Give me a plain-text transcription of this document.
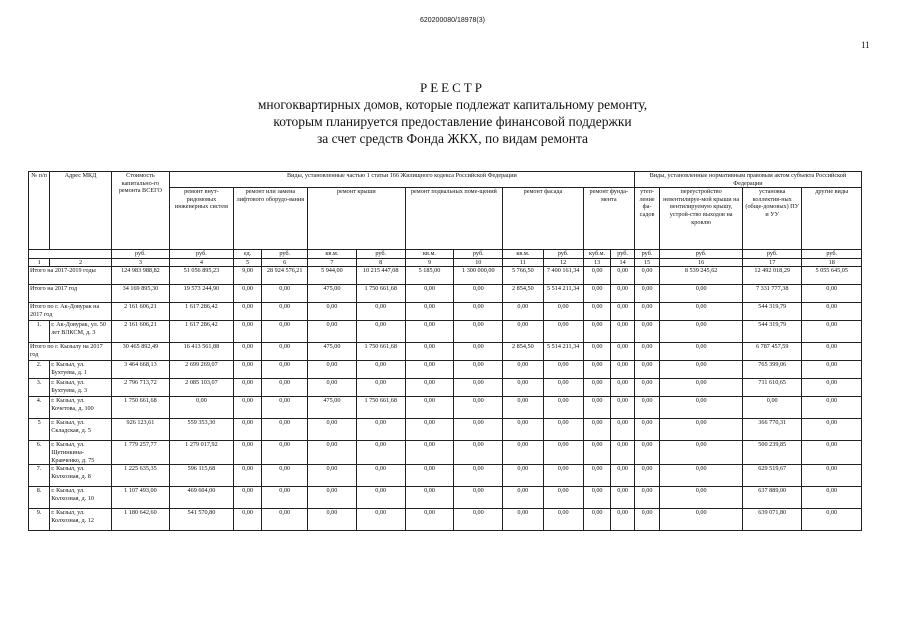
620200080/18978(3)
11
РЕЕСТР
многоквартирных домов, которые подлежат капитальному ремонту,
которым планируется предоставление финансовой поддержки
за счет средств Фонда ЖКХ, по видам ремонта
№ п/п	Адрес МКД	Стоимость капитально-го ремонта ВСЕГО	Виды, установленные частью 1 статьи 166 Жилищного кодекса Российской Федерации											Виды, установленные нормативным правовым актом субъекта Российской Федерации			
			ремонт внут-ридомовых инженерных систем	ремонт или замена лифтового оборудо-вания		ремонт крыши		ремонт подвальных поме-щений		ремонт фасада		ремонт фунда-мента		утеп-ление фа-садов	переустройство невентилируе-мой крыши на вентилируемую крышу, устрой-ство выходов на кровлю	установка коллектив-ных (обще-домовых) ПУ и УУ	другие виды
		руб.	руб.	ед.	руб.	кв.м.	руб.	кв.м.	руб.	кв.м.	руб.	куб.м.	руб.	руб.	руб.	руб.	руб.
1	2	3	4	5	6	7	8	9	10	11	12	13	14	15	16	17	18
Итого на 2017-2019 годы		124 983 988,82	51 056 895,23	9,00	28 924 576,21	5 944,00	10 215 447,08	5 185,00	1 300 000,00	5 766,50	7 400 161,34	0,00	0,00	0,00	8 539 245,62	12 492 018,29	5 055 645,05
Итого на 2017 год		34 169 895,30	19 573 244,90	0,00	0,00	475,00	1 750 661,68	0,00	0,00	2 854,50	5 514 211,34	0,00	0,00	0,00	0,00	7 331 777,38	0,00
Итого по г. Ак-Довурак на 2017 год		2 161 606,21	1 617 286,42	0,00	0,00	0,00	0,00	0,00	0,00	0,00	0,00	0,00	0,00	0,00	0,00	544 319,79	0,00
1.	г. Ак-Довурак, ул. 50 лет ВЛКСМ, д. 3	2 161 606,21	1 617 286,42	0,00	0,00	0,00	0,00	0,00	0,00	0,00	0,00	0,00	0,00	0,00	0,00	544 319,79	0,00
Итого по г. Кызылу на 2017 год		30 465 892,49	16 413 561,88	0,00	0,00	475,00	1 750 661,68	0,00	0,00	2 854,50	5 514 211,34	0,00	0,00	0,00	0,00	6 787 457,59	0,00
2.	г. Кызыл, ул. Бухтуева, д. 1	3 464 668,13	2 699 269,07	0,00	0,00	0,00	0,00	0,00	0,00	0,00	0,00	0,00	0,00	0,00	0,00	765 399,06	0,00
3.	г. Кызыл, ул. Бухтуева, д. 3	2 796 713,72	2 085 103,07	0,00	0,00	0,00	0,00	0,00	0,00	0,00	0,00	0,00	0,00	0,00	0,00	711 610,65	0,00
4.	г. Кызыл, ул. Кочетова, д. 100	1 750 661,68	0,00	0,00	0,00	475,00	1 750 661,68	0,00	0,00	0,00	0,00	0,00	0,00	0,00	0,00	0,00	0,00
5	г. Кызыл, ул. Складская, д. 5	926 123,61	559 353,30	0,00	0,00	0,00	0,00	0,00	0,00	0,00	0,00	0,00	0,00	0,00	0,00	366 770,31	0,00
6.	г. Кызыл, ул. Щетинкина-Кравченко, д. 75	1 779 257,77	1 279 017,92	0,00	0,00	0,00	0,00	0,00	0,00	0,00	0,00	0,00	0,00	0,00	0,00	500 239,85	0,00
7.	г. Кызыл, ул. Колхозная, д. 8	1 225 635,35	596 115,68	0,00	0,00	0,00	0,00	0,00	0,00	0,00	0,00	0,00	0,00	0,00	0,00	629 519,67	0,00
8.	г. Кызыл, ул. Колхозная, д. 10	1 107 493,00	469 604,00	0,00	0,00	0,00	0,00	0,00	0,00	0,00	0,00	0,00	0,00	0,00	0,00	637 889,00	0,00
9.	г. Кызыл, ул. Колхозная, д. 12	1 180 642,60	541 570,80	0,00	0,00	0,00	0,00	0,00	0,00	0,00	0,00	0,00	0,00	0,00	0,00	639 071,80	0,00
